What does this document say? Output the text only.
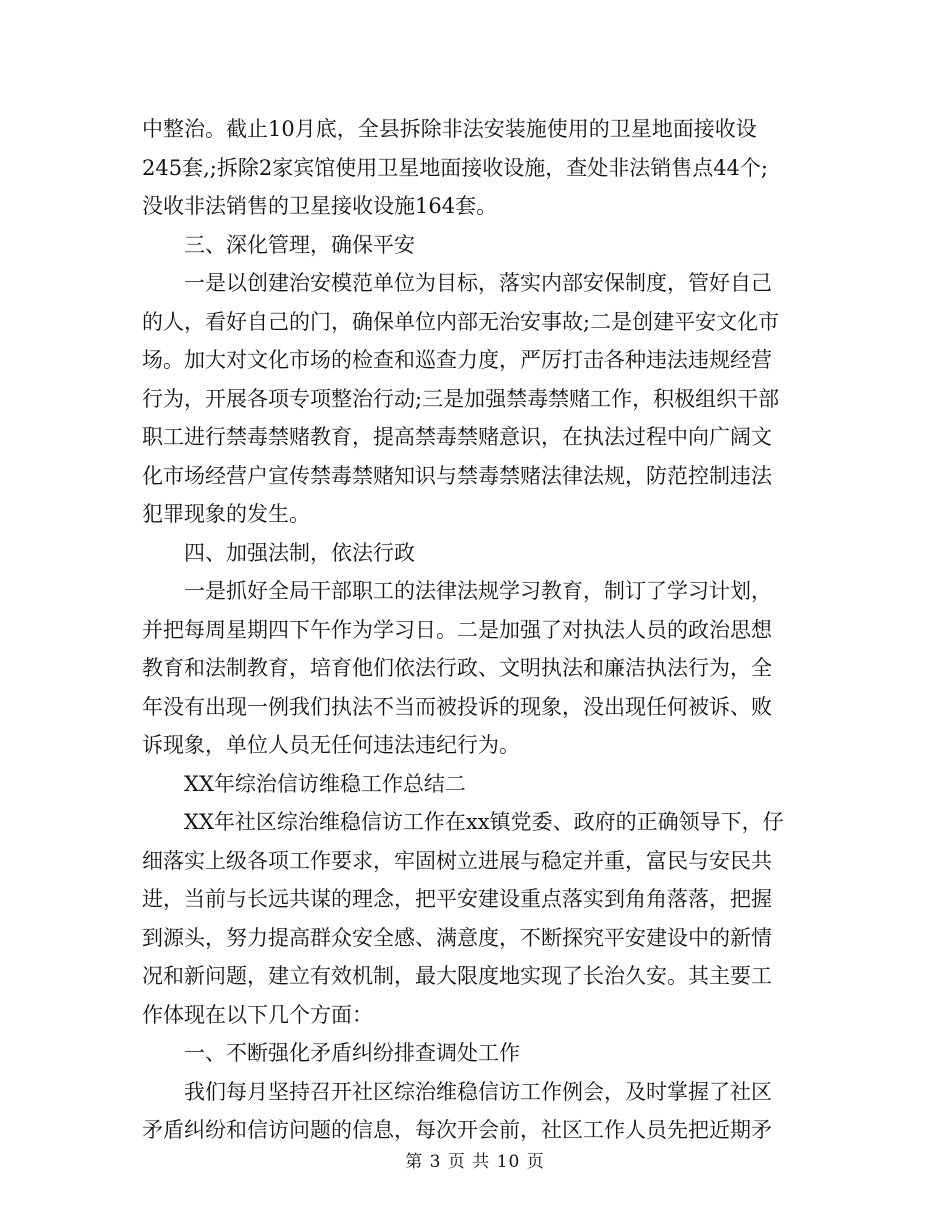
中整治。截止10月底，全县拆除非法安装施使用的卫星地面接收设
245套,;拆除2家宾馆使用卫星地面接收设施，查处非法销售点44个;
没收非法销售的卫星接收设施164套。
三、深化管理，确保平安
一是以创建治安模范单位为目标，落实内部安保制度，管好自己
的人，看好自己的门，确保单位内部无治安事故;二是创建平安文化市
场。加大对文化市场的检查和巡查力度，严厉打击各种违法违规经营
行为，开展各项专项整治行动;三是加强禁毒禁赌工作，积极组织干部
职工进行禁毒禁赌教育，提高禁毒禁赌意识，在执法过程中向广阔文
化市场经营户宣传禁毒禁赌知识与禁毒禁赌法律法规，防范控制违法
犯罪现象的发生。
四、加强法制，依法行政
一是抓好全局干部职工的法律法规学习教育，制订了学习计划，
并把每周星期四下午作为学习日。二是加强了对执法人员的政治思想
教育和法制教育，培育他们依法行政、文明执法和廉洁执法行为，全
年没有出现一例我们执法不当而被投诉的现象，没出现任何被诉、败
诉现象，单位人员无任何违法违纪行为。
XX年综治信访维稳工作总结二
XX年社区综治维稳信访工作在xx镇党委、政府的正确领导下，仔
细落实上级各项工作要求，牢固树立进展与稳定并重，富民与安民共
进，当前与长远共谋的理念，把平安建设重点落实到角角落落，把握
到源头，努力提高群众安全感、满意度，不断探究平安建设中的新情
况和新问题，建立有效机制，最大限度地实现了长治久安。其主要工
作体现在以下几个方面：
一、不断强化矛盾纠纷排查调处工作
我们每月坚持召开社区综治维稳信访工作例会，及时掌握了社区
矛盾纠纷和信访问题的信息，每次开会前，社区工作人员先把近期矛
第 3 页 共 10 页
